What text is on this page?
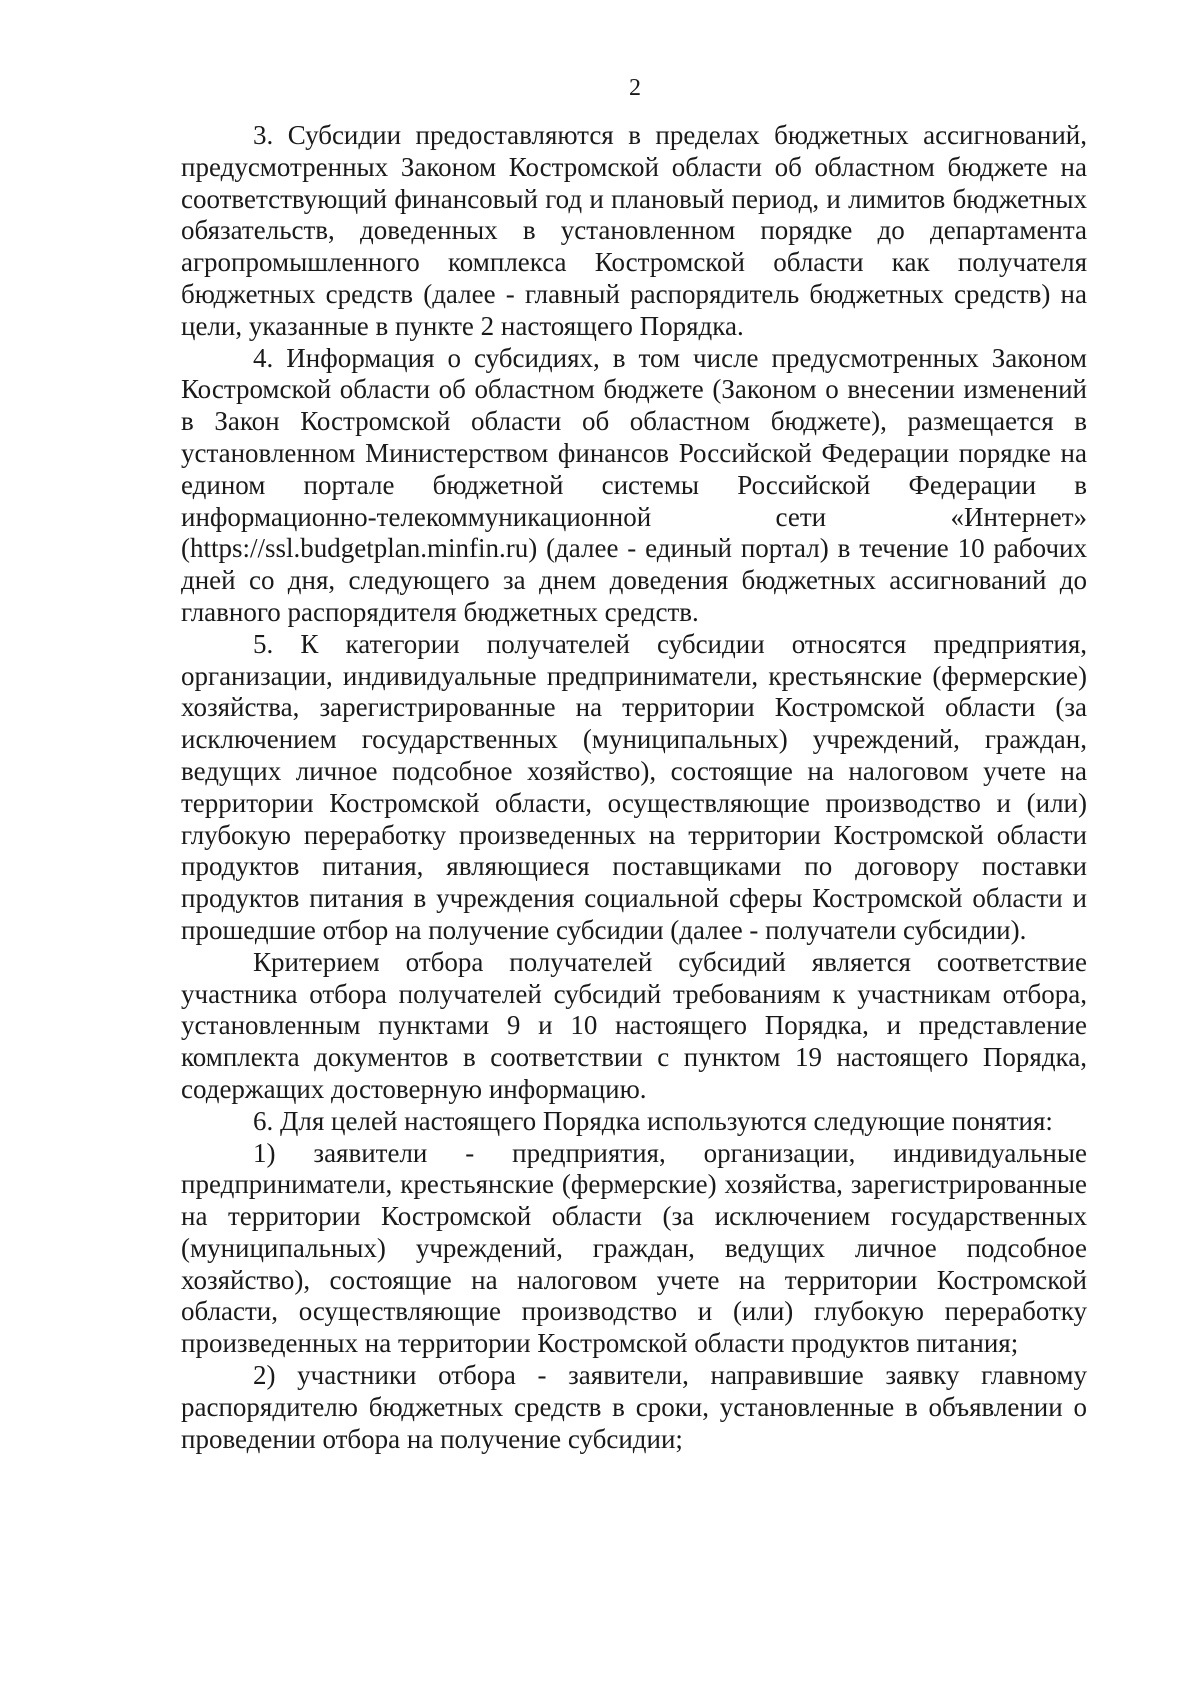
2

3. Субсидии предоставляются в пределах бюджетных ассигнований, предусмотренных Законом Костромской области об областном бюджете на соответствующий финансовый год и плановый период, и лимитов бюджетных обязательств, доведенных в установленном порядке до департамента агропромышленного комплекса Костромской области как получателя бюджетных средств (далее - главный распорядитель бюджетных средств) на цели, указанные в пункте 2 настоящего Порядка.

4. Информация о субсидиях, в том числе предусмотренных Законом Костромской области об областном бюджете (Законом о внесении изменений в Закон Костромской области об областном бюджете), размещается в установленном Министерством финансов Российской Федерации порядке на едином портале бюджетной системы Российской Федерации в информационно-телекоммуникационной сети «Интернет» (https://ssl.budgetplan.minfin.ru) (далее - единый портал) в течение 10 рабочих дней со дня, следующего за днем доведения бюджетных ассигнований до главного распорядителя бюджетных средств.

5. К категории получателей субсидии относятся предприятия, организации, индивидуальные предприниматели, крестьянские (фермерские) хозяйства, зарегистрированные на территории Костромской области (за исключением государственных (муниципальных) учреждений, граждан, ведущих личное подсобное хозяйство), состоящие на налоговом учете на территории Костромской области, осуществляющие производство и (или) глубокую переработку произведенных на территории Костромской области продуктов питания, являющиеся поставщиками по договору поставки продуктов питания в учреждения социальной сферы Костромской области и прошедшие отбор на получение субсидии (далее - получатели субсидии).

Критерием отбора получателей субсидий является соответствие участника отбора получателей субсидий требованиям к участникам отбора, установленным пунктами 9 и 10 настоящего Порядка, и представление комплекта документов в соответствии с пунктом 19 настоящего Порядка, содержащих достоверную информацию.

6. Для целей настоящего Порядка используются следующие понятия:

1) заявители - предприятия, организации, индивидуальные предприниматели, крестьянские (фермерские) хозяйства, зарегистрированные на территории Костромской области (за исключением государственных (муниципальных) учреждений, граждан, ведущих личное подсобное хозяйство), состоящие на налоговом учете на территории Костромской области, осуществляющие производство и (или) глубокую переработку произведенных на территории Костромской области продуктов питания;

2) участники отбора - заявители, направившие заявку главному распорядителю бюджетных средств в сроки, установленные в объявлении о проведении отбора на получение субсидии;
